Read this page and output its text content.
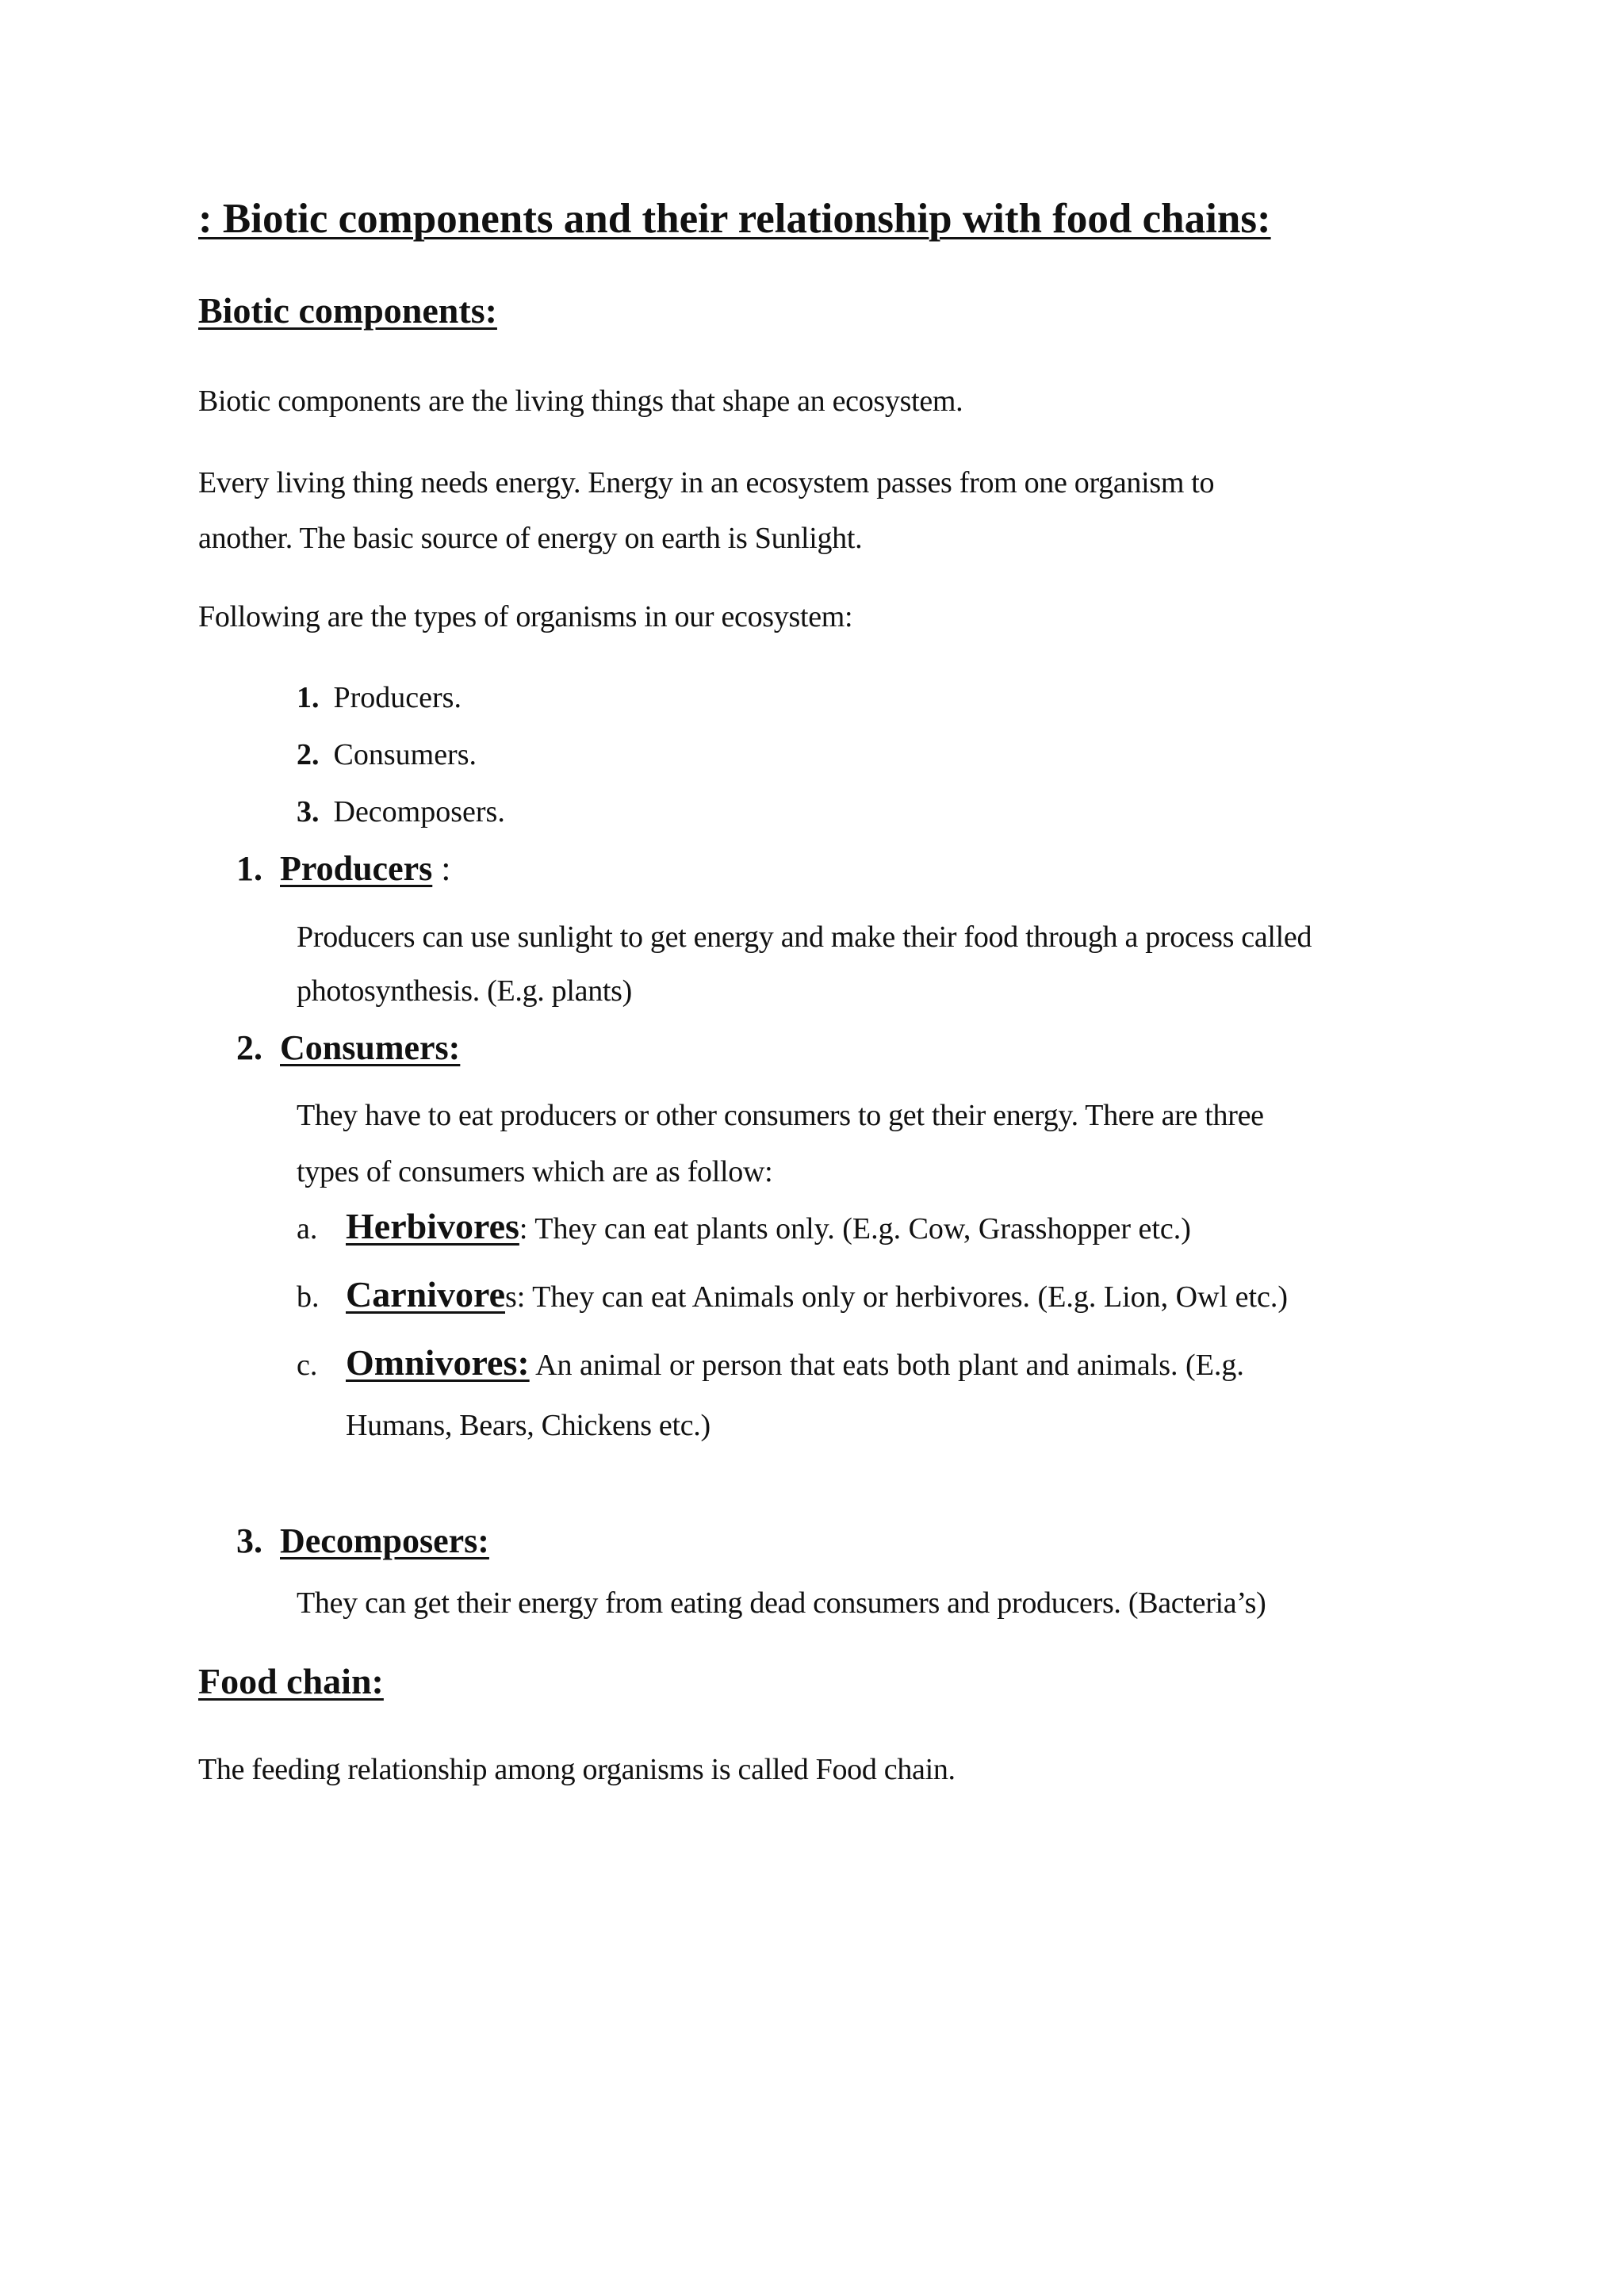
: Biotic components and their relationship with food chains:
Biotic components:
Biotic components are the living things that shape an ecosystem.
Every living thing needs energy. Energy in an ecosystem passes from one organism to
another. The basic source of energy on earth is Sunlight.
Following are the types of organisms in our ecosystem:
1. Producers.
2. Consumers.
3. Decomposers.
1. Producers :
Producers can use sunlight to get energy and make their food through a process called
photosynthesis. (E.g. plants)
2. Consumers:
They have to eat producers or other consumers to get their energy. There are three
types of consumers which are as follow:
a. Herbivores : They can eat plants only. (E.g. Cow, Grasshopper etc.)
b. Carnivore s: They can eat Animals only or herbivores. (E.g. Lion, Owl etc.)
c. Omnivores: An animal or person that eats both plant and animals. (E.g.
Humans, Bears, Chickens etc.)
3. Decomposers:
They can get their energy from eating dead consumers and producers. (Bacteria’s)
Food chain:
The feeding relationship among organisms is called Food chain.
